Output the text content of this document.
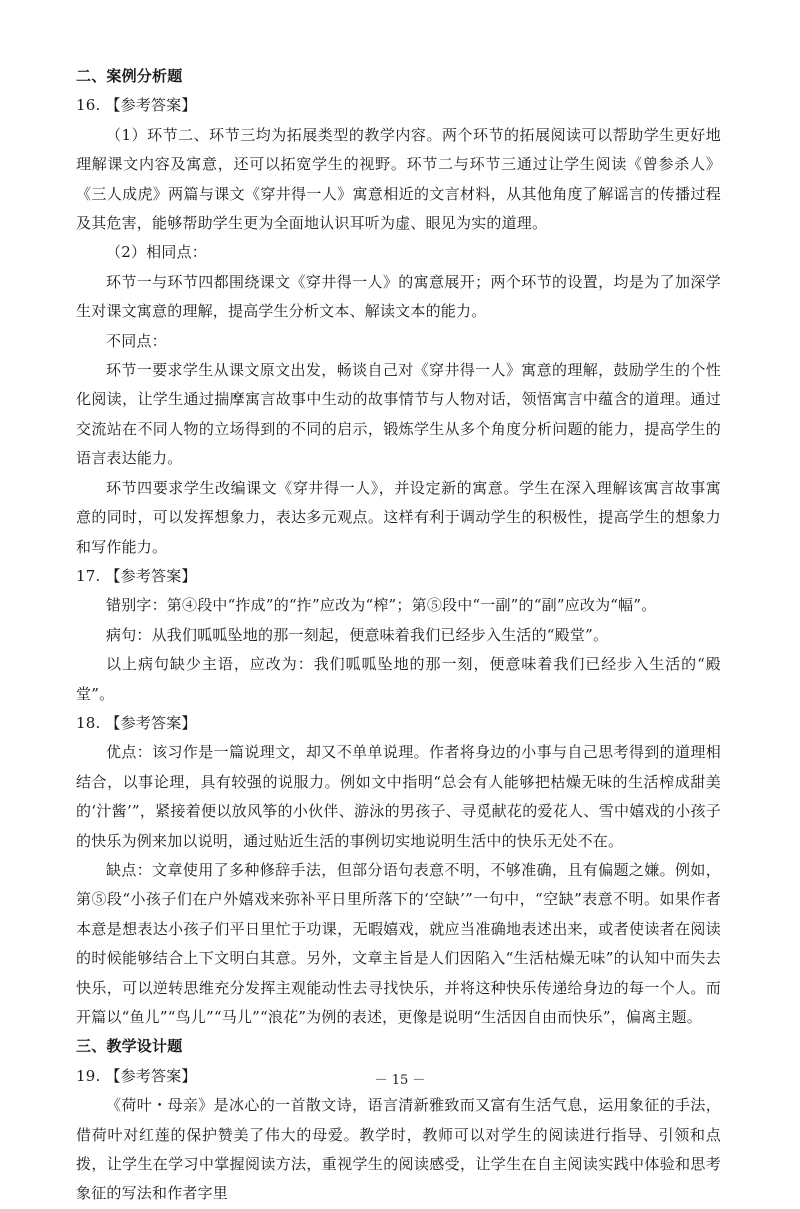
二、案例分析题

16. 【参考答案】

（1）环节二、环节三均为拓展类型的教学内容。两个环节的拓展阅读可以帮助学生更好地理解课文内容及寓意，还可以拓宽学生的视野。环节二与环节三通过让学生阅读《曾参杀人》《三人成虎》两篇与课文《穿井得一人》寓意相近的文言材料，从其他角度了解谣言的传播过程及其危害，能够帮助学生更为全面地认识耳听为虚、眼见为实的道理。

（2）相同点：

环节一与环节四都围绕课文《穿井得一人》的寓意展开；两个环节的设置，均是为了加深学生对课文寓意的理解，提高学生分析文本、解读文本的能力。

不同点：

环节一要求学生从课文原文出发，畅谈自己对《穿井得一人》寓意的理解，鼓励学生的个性化阅读，让学生通过揣摩寓言故事中生动的故事情节与人物对话，领悟寓言中蕴含的道理。通过交流站在不同人物的立场得到的不同的启示，锻炼学生从多个角度分析问题的能力，提高学生的语言表达能力。

环节四要求学生改编课文《穿井得一人》，并设定新的寓意。学生在深入理解该寓言故事寓意的同时，可以发挥想象力，表达多元观点。这样有利于调动学生的积极性，提高学生的想象力和写作能力。

17. 【参考答案】

错别字：第④段中“拃成”的“拃”应改为“榨”；第⑤段中“一副”的“副”应改为“幅”。

病句：从我们呱呱坠地的那一刻起，便意味着我们已经步入生活的“殿堂”。

以上病句缺少主语，应改为：我们呱呱坠地的那一刻，便意味着我们已经步入生活的“殿堂”。

18. 【参考答案】

优点：该习作是一篇说理文，却又不单单说理。作者将身边的小事与自己思考得到的道理相结合，以事论理，具有较强的说服力。例如文中指明“总会有人能够把枯燥无味的生活榨成甜美的‘汁酱’”，紧接着便以放风筝的小伙伴、游泳的男孩子、寻觅献花的爱花人、雪中嬉戏的小孩子的快乐为例来加以说明，通过贴近生活的事例切实地说明生活中的快乐无处不在。

缺点：文章使用了多种修辞手法，但部分语句表意不明，不够准确，且有偏题之嫌。例如，第⑤段“小孩子们在户外嬉戏来弥补平日里所落下的‘空缺’”一句中，“空缺”表意不明。如果作者本意是想表达小孩子们平日里忙于功课，无暇嬉戏，就应当准确地表述出来，或者使读者在阅读的时候能够结合上下文明白其意。另外，文章主旨是人们因陷入“生活枯燥无味”的认知中而失去快乐，可以逆转思维充分发挥主观能动性去寻找快乐，并将这种快乐传递给身边的每一个人。而开篇以“鱼儿”“鸟儿”“马儿”“浪花”为例的表述，更像是说明“生活因自由而快乐”，偏离主题。

三、教学设计题

19. 【参考答案】

《荷叶・母亲》是冰心的一首散文诗，语言清新雅致而又富有生活气息，运用象征的手法，借荷叶对红莲的保护赞美了伟大的母爱。教学时，教师可以对学生的阅读进行指导、引领和点拨，让学生在学习中掌握阅读方法，重视学生的阅读感受，让学生在自主阅读实践中体验和思考象征的写法和作者字里

－ 15 －
